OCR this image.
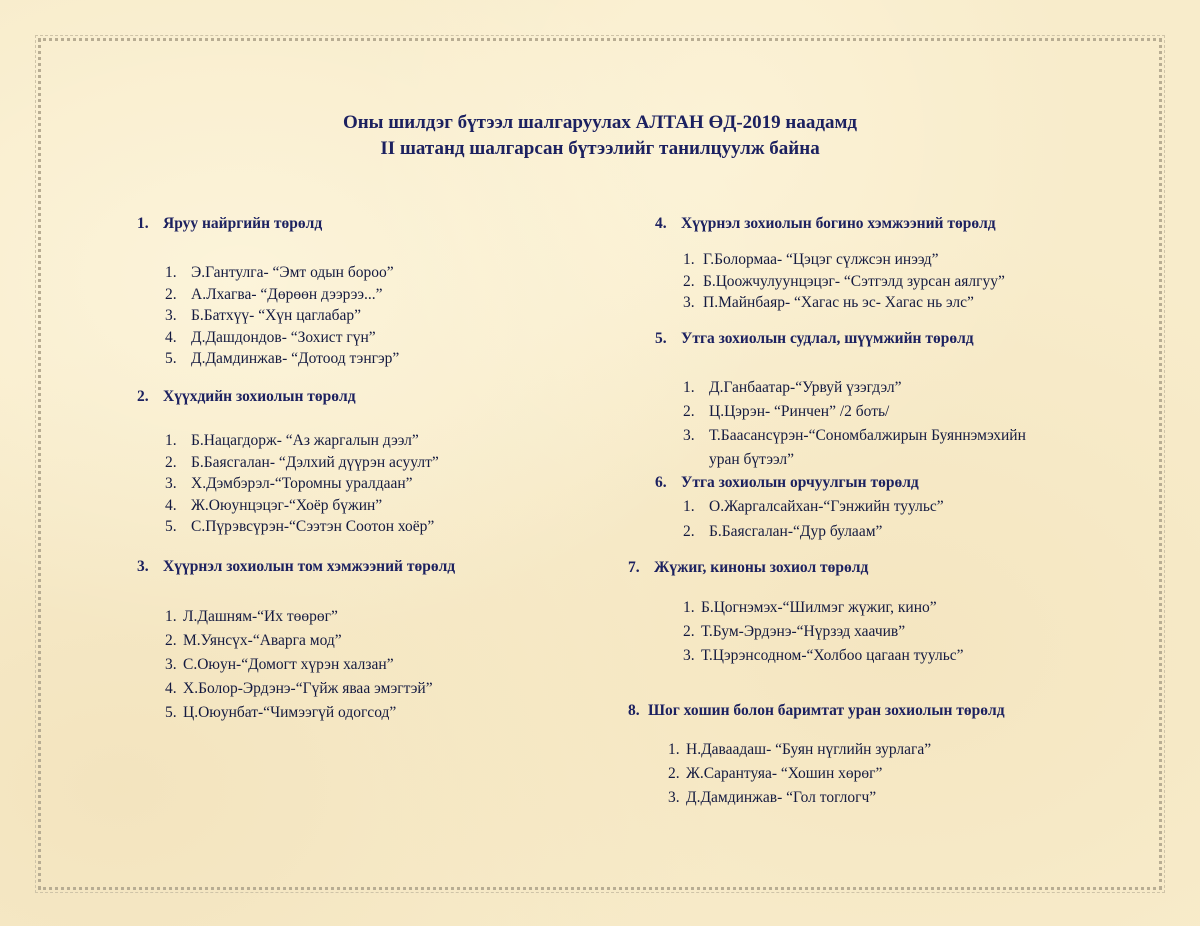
Оны шилдэг бүтээл шалгаруулах АЛТАН ӨД-2019 наадамд
II шатанд шалгарсан бүтээлийг танилцуулж байна
1. Яруу найргийн төрөлд
1. Э.Гантулга- “Эмт одын бороо”
2. А.Лхагва- “Дөрөөн дээрээ...”
3. Б.Батхүү- “Хүн цаглабар”
4. Д.Дашдондов- “Зохист гүн”
5. Д.Дамдинжав- “Дотоод тэнгэр”
2. Хүүхдийн зохиолын төрөлд
1. Б.Нацагдорж- “Аз жаргалын дээл”
2. Б.Баясгалан- “Дэлхий дүүрэн асуулт”
3. Х.Дэмбэрэл-“Торомны уралдаан”
4. Ж.Оюунцэцэг-“Хоёр бүжин”
5. С.Пүрэвсүрэн-“Сээтэн Соотон хоёр”
3. Хүүрнэл зохиолын том хэмжээний төрөлд
1. Л.Дашням-“Их төөрөг”
2. М.Уянсүх-“Аварга мод”
3. С.Оюун-“Домогт хүрэн халзан”
4. Х.Болор-Эрдэнэ-“Гүйж яваа эмэгтэй”
5. Ц.Оюунбат-“Чимээгүй одогсод”
4. Хүүрнэл зохиолын богино хэмжээний төрөлд
1. Г.Болормаа- “Цэцэг сүлжсэн инээд”
2. Б.Цоожчулуунцэцэг- “Сэтгэлд зурсан аялгуу”
3. П.Майнбаяр- “Хагас нь эс- Хагас нь элс”
5. Утга зохиолын судлал, шүүмжийн төрөлд
1. Д.Ганбаатар-“Урвуй үзэгдэл”
2. Ц.Цэрэн- “Ринчен” /2 боть/
3. Т.Баасансүрэн-“Сономбалжирын Буяннэмэхийн
уран бүтээл”
6. Утга зохиолын орчуулгын төрөлд
1. О.Жаргалсайхан-“Гэнжийн туульс”
2. Б.Баясгалан-“Дур булаам”
7. Жүжиг, киноны зохиол төрөлд
1. Б.Цогнэмэх-“Шилмэг жүжиг, кино”
2. Т.Бум-Эрдэнэ-“Нүрзэд хаачив”
3. Т.Цэрэнсодном-“Холбоо цагаан туульс”
8. Шог хошин болон баримтат уран зохиолын төрөлд
1. Н.Даваадаш- “Буян нүглийн зурлага”
2. Ж.Сарантуяа- “Хошин хөрөг”
3. Д.Дамдинжав- “Гол тоглогч”
